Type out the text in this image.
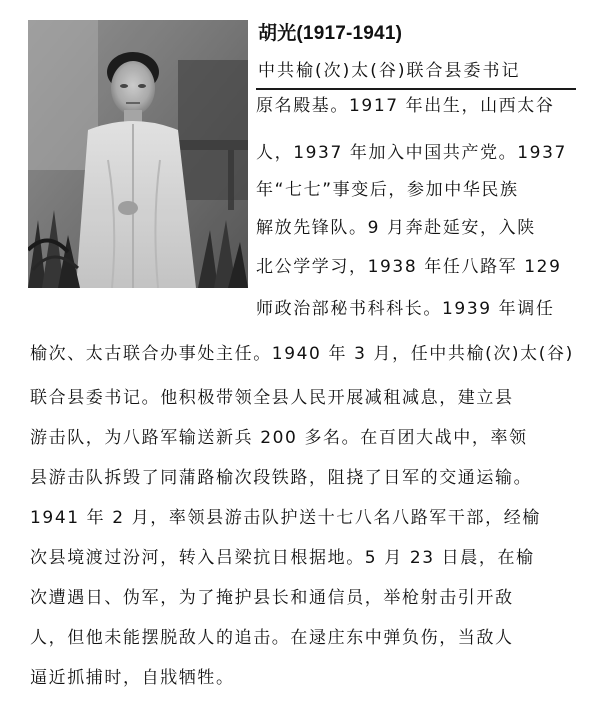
胡光(1917-1941)
中共榆(次)太(谷)联合县委书记
原名殿基。1917 年出生，山西太谷
人，1937 年加入中国共产党。1937
年“七七”事变后，参加中华民族
解放先锋队。9 月奔赴延安，入陕
北公学学习，1938 年任八路军 129
师政治部秘书科科长。1939 年调任
榆次、太古联合办事处主任。1940 年 3 月，任中共榆(次)太(谷)
联合县委书记。他积极带领全县人民开展减租减息，建立县
游击队，为八路军输送新兵 200 多名。在百团大战中，率领
县游击队拆毁了同蒲路榆次段铁路，阻挠了日军的交通运输。
1941 年 2 月，率领县游击队护送十七八名八路军干部，经榆
次县境渡过汾河，转入吕梁抗日根据地。5 月 23 日晨，在榆
次遭遇日、伪军，为了掩护县长和通信员，举枪射击引开敌
人，但他未能摆脱敌人的追击。在逯庄东中弹负伤，当敌人
逼近抓捕时，自戕牺牲。
